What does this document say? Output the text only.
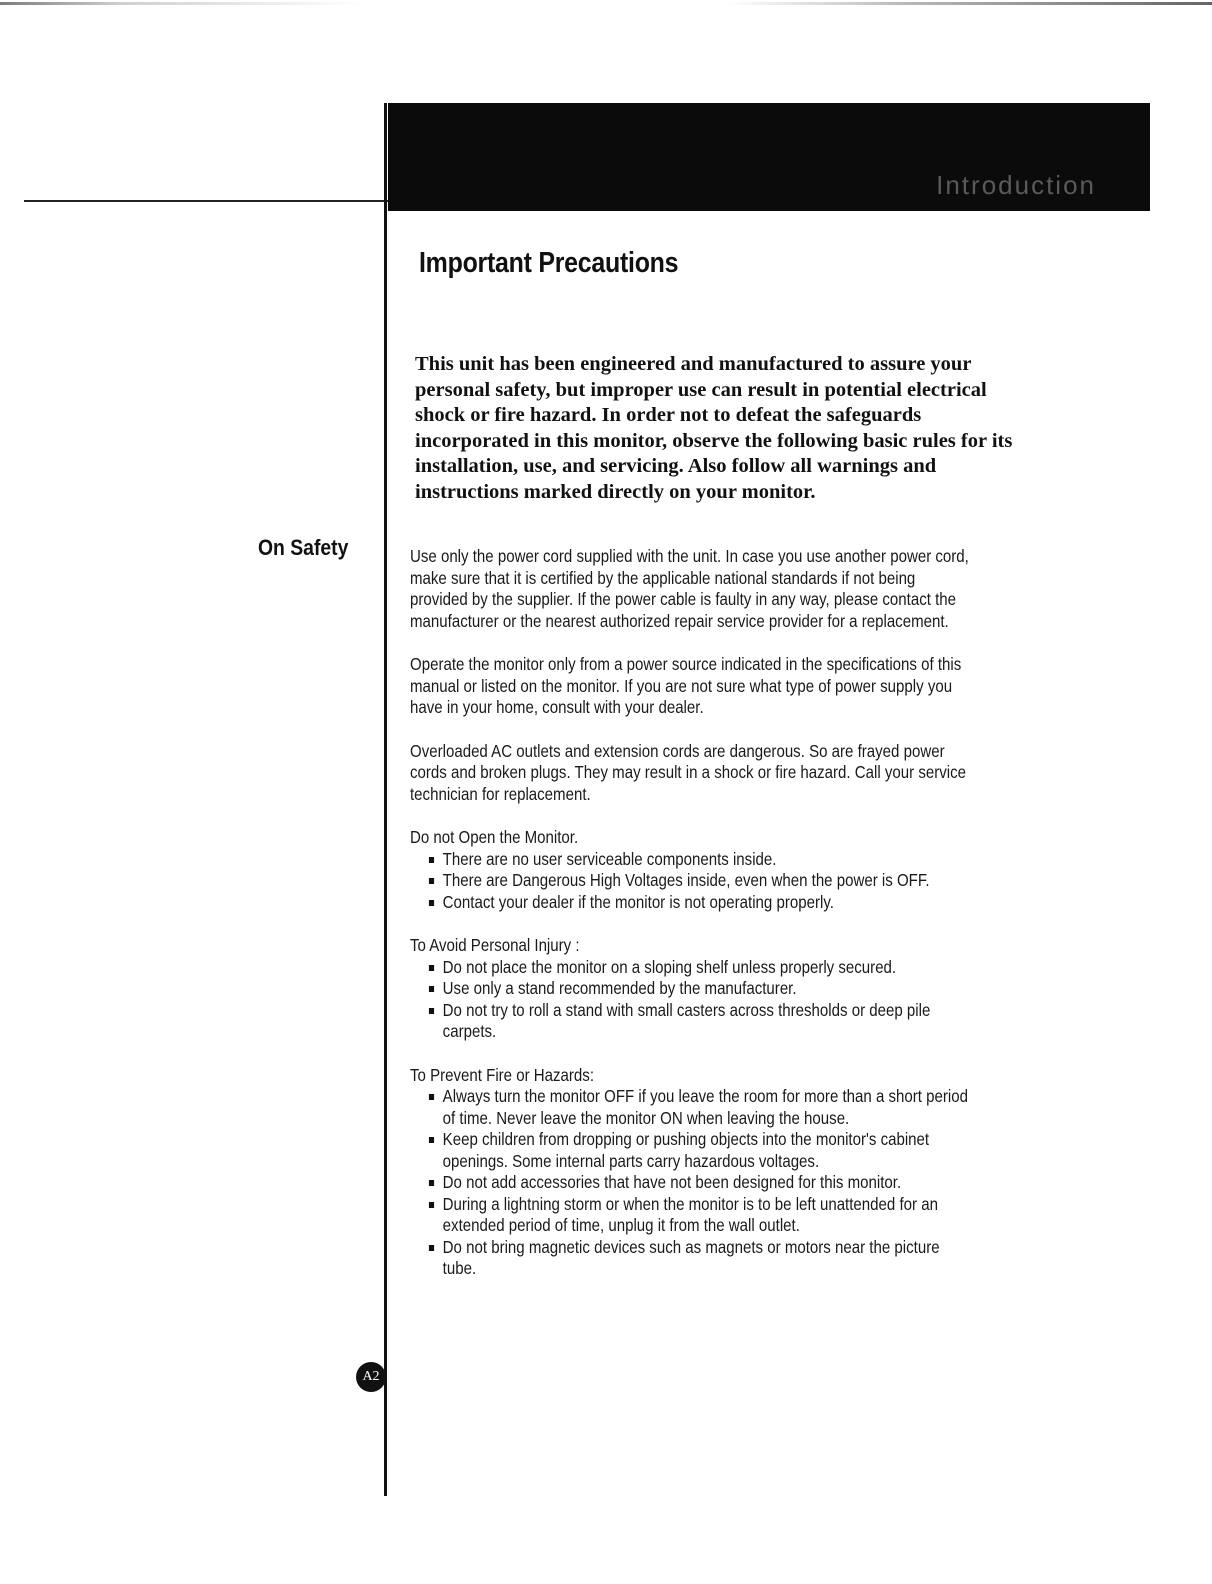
Introduction
Important Precautions

This unit has been engineered and manufactured to assure your personal safety, but improper use can result in potential electrical shock or fire hazard. In order not to defeat the safeguards incorporated in this monitor, observe the following basic rules for its installation, use, and servicing. Also follow all warnings and instructions marked directly on your monitor.

On Safety	Use only the power cord supplied with the unit. In case you use another power cord, make sure that it is certified by the applicable national standards if not being provided by the supplier. If the power cable is faulty in any way, please contact the manufacturer or the nearest authorized repair service provider for a replacement.

Operate the monitor only from a power source indicated in the specifications of this manual or listed on the monitor. If you are not sure what type of power supply you have in your home, consult with your dealer.

Overloaded AC outlets and extension cords are dangerous. So are frayed power cords and broken plugs. They may result in a shock or fire hazard. Call your service technician for replacement.

Do not Open the Monitor.

There are no user serviceable components inside.
There are Dangerous High Voltages inside, even when the power is OFF.
Contact your dealer if the monitor is not operating properly.

To Avoid Personal Injury :

Do not place the monitor on a sloping shelf unless properly secured.
Use only a stand recommended by the manufacturer.
Do not try to roll a stand with small casters across thresholds or deep pile carpets.

To Prevent Fire or Hazards:

Always turn the monitor OFF if you leave the room for more than a short period of time. Never leave the monitor ON when leaving the house.
Keep children from dropping or pushing objects into the monitor's cabinet openings. Some internal parts carry hazardous voltages.
Do not add accessories that have not been designed for this monitor.
During a lightning storm or when the monitor is to be left unattended for an extended period of time, unplug it from the wall outlet.
Do not bring magnetic devices such as magnets or motors near the picture tube.
A2
